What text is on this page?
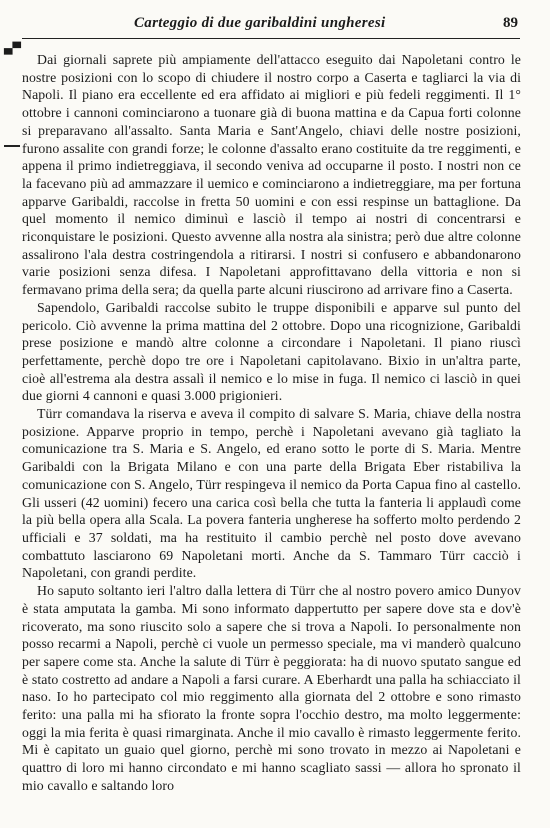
▄▀
Carteggio di due garibaldini ungheresi	89

Dai giornali saprete più ampiamente dell'attacco eseguito dai Napoletani contro le nostre posizioni con lo scopo di chiudere il nostro corpo a Caserta e tagliarci la via di Napoli. Il piano era eccellente ed era affidato ai migliori e più fedeli reggimenti. Il 1° ottobre i cannoni cominciarono a tuonare già di buona mattina e da Capua forti colonne si preparavano all'assalto. Santa Maria e Sant'Angelo, chiavi delle nostre posizioni, furono assalite con grandi forze; le colonne d'assalto erano costituite da tre reggimenti, e appena il primo indietreggiava, il secondo veniva ad occuparne il posto. I nostri non ce la facevano più ad ammazzare il uemico e cominciarono a indietreggiare, ma per fortuna apparve Garibaldi, raccolse in fretta 50 uomini e con essi respinse un battaglione. Da quel momento il nemico diminuì e lasciò il tempo ai nostri di concentrarsi e riconquistare le posizioni. Questo avvenne alla nostra ala sinistra; però due altre colonne assalirono l'ala destra costringendola a ritirarsi. I nostri si confusero e abbandonarono varie posizioni senza difesa. I Napoletani approfittavano della vittoria e non si fermavano prima della sera; da quella parte alcuni riuscirono ad arrivare fino a Caserta.

Sapendolo, Garibaldi raccolse subito le truppe disponibili e apparve sul punto del pericolo. Ciò avvenne la prima mattina del 2 ottobre. Dopo una ricognizione, Garibaldi prese posizione e mandò altre colonne a circondare i Napoletani. Il piano riuscì perfettamente, perchè dopo tre ore i Napoletani capitolavano. Bixio in un'altra parte, cioè all'estrema ala destra assalì il nemico e lo mise in fuga. Il nemico ci lasciò in quei due giorni 4 cannoni e quasi 3.000 prigionieri.

Türr comandava la riserva e aveva il compito di salvare S. Maria, chiave della nostra posizione. Apparve proprio in tempo, perchè i Napoletani avevano già tagliato la comunicazione tra S. Maria e S. Angelo, ed erano sotto le porte di S. Maria. Mentre Garibaldi con la Brigata Milano e con una parte della Brigata Eber ristabiliva la comunicazione con S. Angelo, Türr respingeva il nemico da Porta Capua fino al castello. Gli usseri (42 uomini) fecero una carica così bella che tutta la fanteria li applaudì come la più bella opera alla Scala. La povera fanteria ungherese ha sofferto molto perdendo 2 ufficiali e 37 soldati, ma ha restituito il cambio perchè nel posto dove avevano combattuto lasciarono 69 Napoletani morti. Anche da S. Tammaro Türr cacciò i Napoletani, con grandi perdite.

Ho saputo soltanto ieri l'altro dalla lettera di Türr che al nostro povero amico Dunyov è stata amputata la gamba. Mi sono informato dappertutto per sapere dove sta e dov'è ricoverato, ma sono riuscito solo a sapere che si trova a Napoli. Io personalmente non posso recarmi a Napoli, perchè ci vuole un permesso speciale, ma vi manderò qualcuno per sapere come sta. Anche la salute di Türr è peggiorata: ha di nuovo sputato sangue ed è stato costretto ad andare a Napoli a farsi curare. A Eberhardt una palla ha schiacciato il naso. Io ho partecipato col mio reggimento alla giornata del 2 ottobre e sono rimasto ferito: una palla mi ha sfiorato la fronte sopra l'occhio destro, ma molto leggermente: oggi la mia ferita è quasi rimarginata. Anche il mio cavallo è rimasto leggermente ferito. Mi è capitato un guaio quel giorno, perchè mi sono trovato in mezzo ai Napoletani e quattro di loro mi hanno circondato e mi hanno scagliato sassi — allora ho spronato il mio cavallo e saltando loro
